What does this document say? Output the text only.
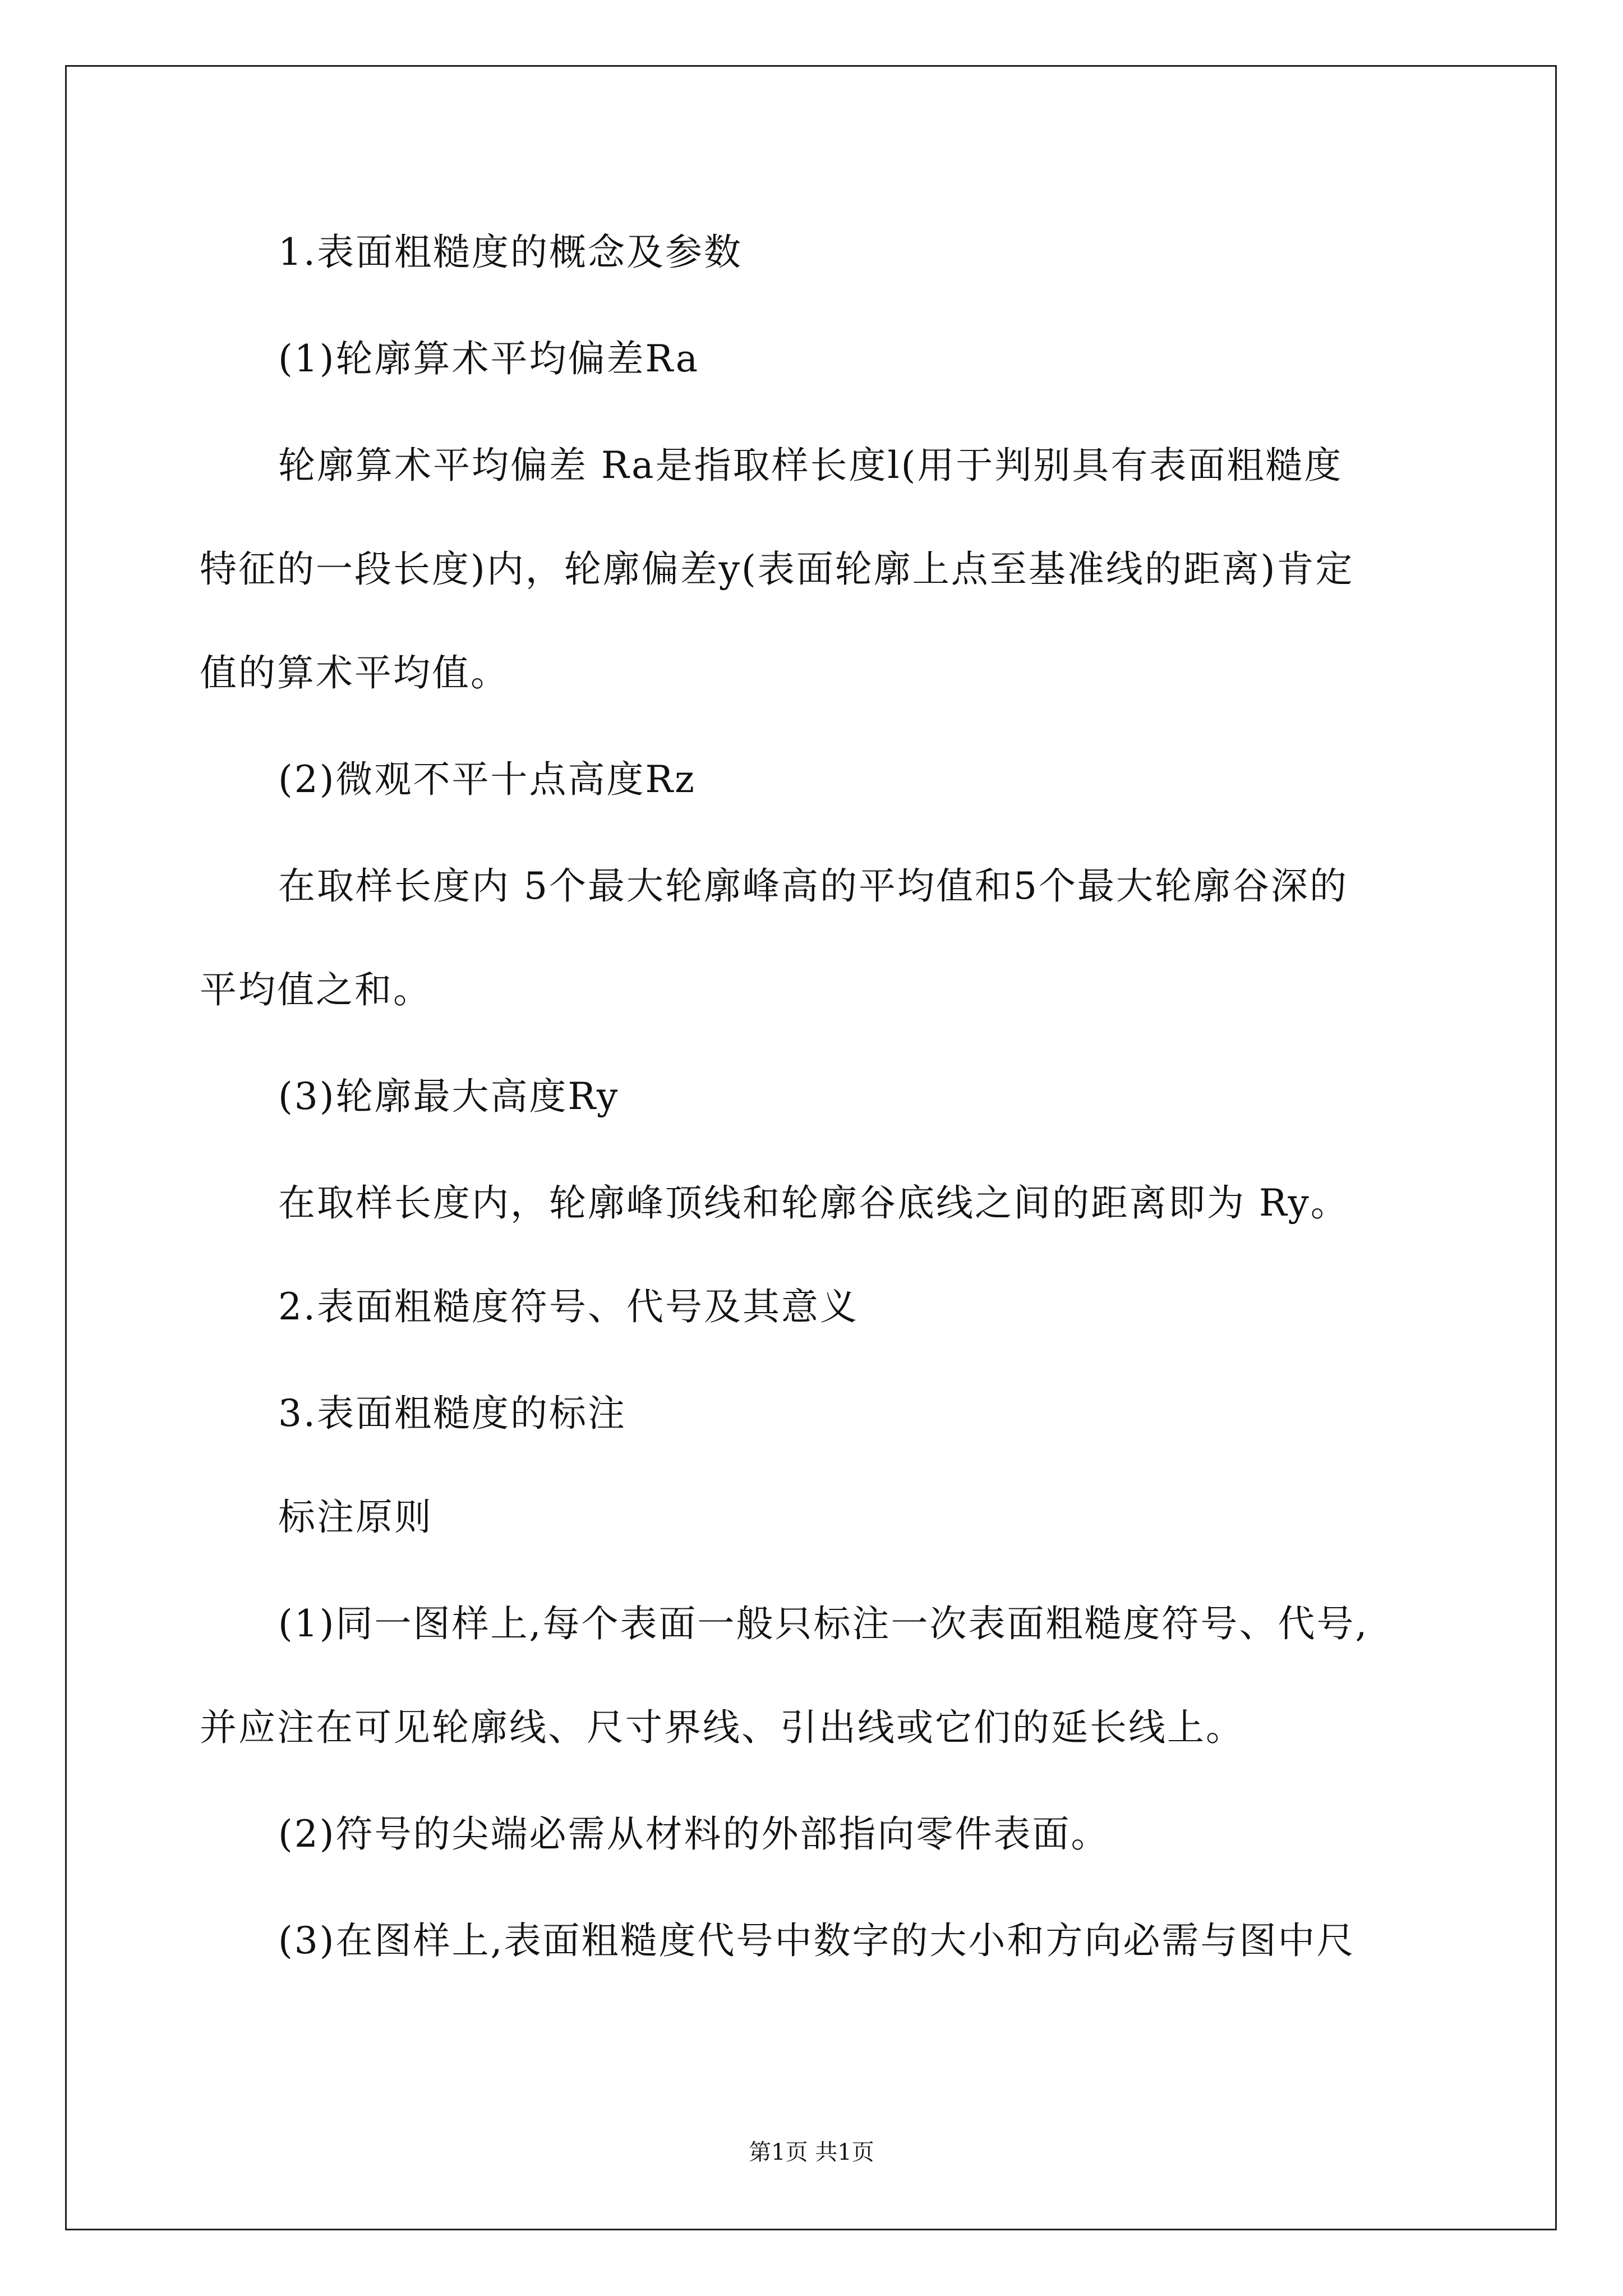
1.表面粗糙度的概念及参数
(1)轮廓算术平均偏差Ra
轮廓算术平均偏差 Ra是指取样长度l(用于判别具有表面粗糙度
特征的一段长度)内，轮廓偏差y(表面轮廓上点至基准线的距离)肯定
值的算术平均值。
(2)微观不平十点高度Rz
在取样长度内 5个最大轮廓峰高的平均值和5个最大轮廓谷深的
平均值之和。
(3)轮廓最大高度Ry
在取样长度内，轮廓峰顶线和轮廓谷底线之间的距离即为 Ry。
2.表面粗糙度符号、代号及其意义
3.表面粗糙度的标注
标注原则
(1)同一图样上,每个表面一般只标注一次表面粗糙度符号、代号,
并应注在可见轮廓线、尺寸界线、引出线或它们的延长线上。
(2)符号的尖端必需从材料的外部指向零件表面。
(3)在图样上,表面粗糙度代号中数字的大小和方向必需与图中尺
第1页 共1页
